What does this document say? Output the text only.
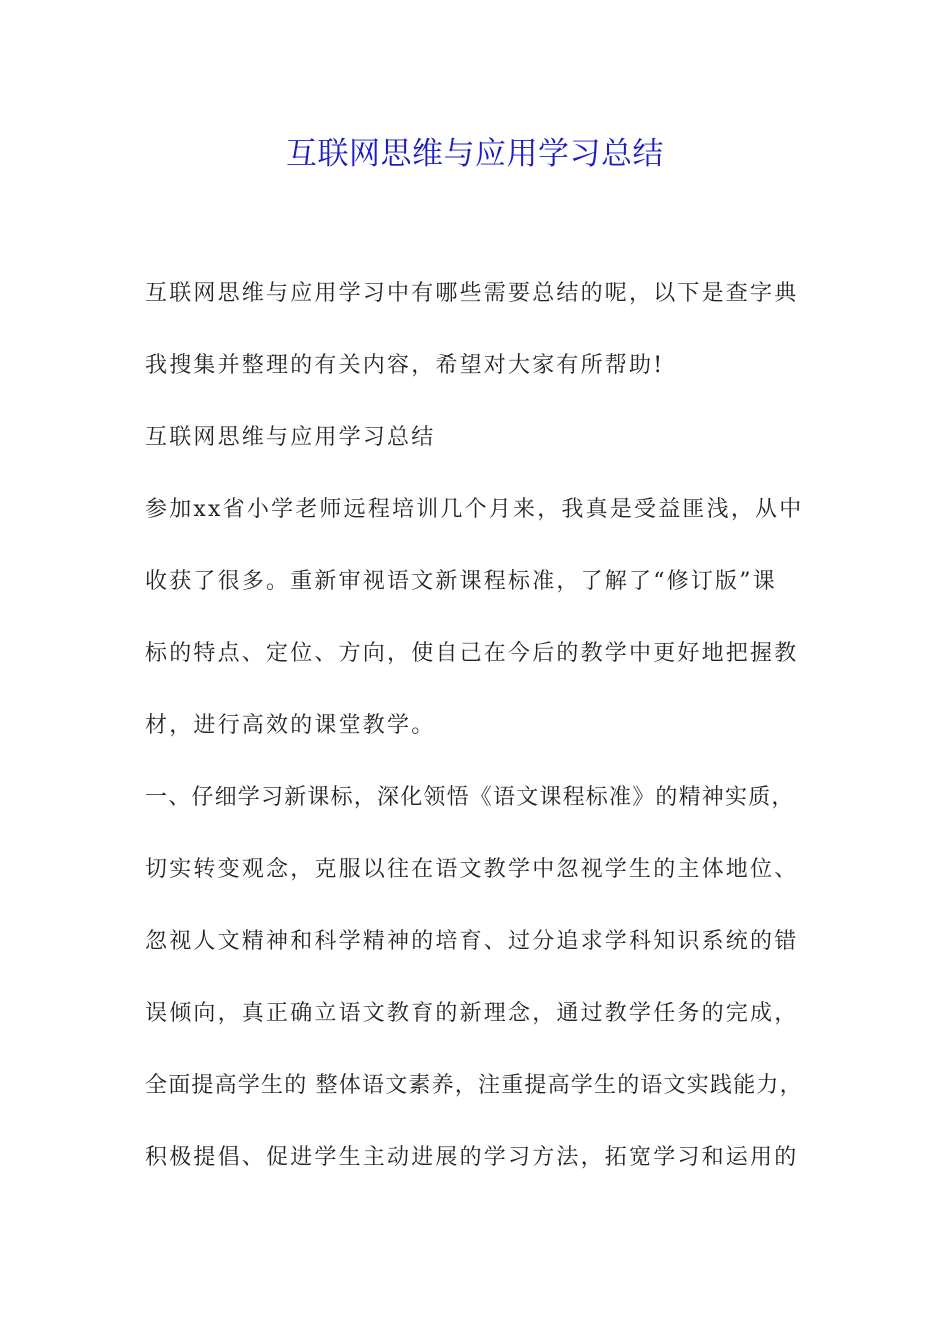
互联网思维与应用学习总结
互联网思维与应用学习中有哪些需要总结的呢，以下是查字典
我搜集并整理的有关内容，希望对大家有所帮助!
互联网思维与应用学习总结
参加xx省小学老师远程培训几个月来，我真是受益匪浅，从中
收获了很多。重新审视语文新课程标准，了解了“修订版”课
标的特点、定位、方向，使自己在今后的教学中更好地把握教
材，进行高效的课堂教学。
一、仔细学习新课标，深化领悟《语文课程标准》的精神实质，
切实转变观念，克服以往在语文教学中忽视学生的主体地位、
忽视人文精神和科学精神的培育、过分追求学科知识系统的错
误倾向，真正确立语文教育的新理念，通过教学任务的完成，
全面提高学生的 整体语文素养，注重提高学生的语文实践能力，
积极提倡、促进学生主动进展的学习方法，拓宽学习和运用的
